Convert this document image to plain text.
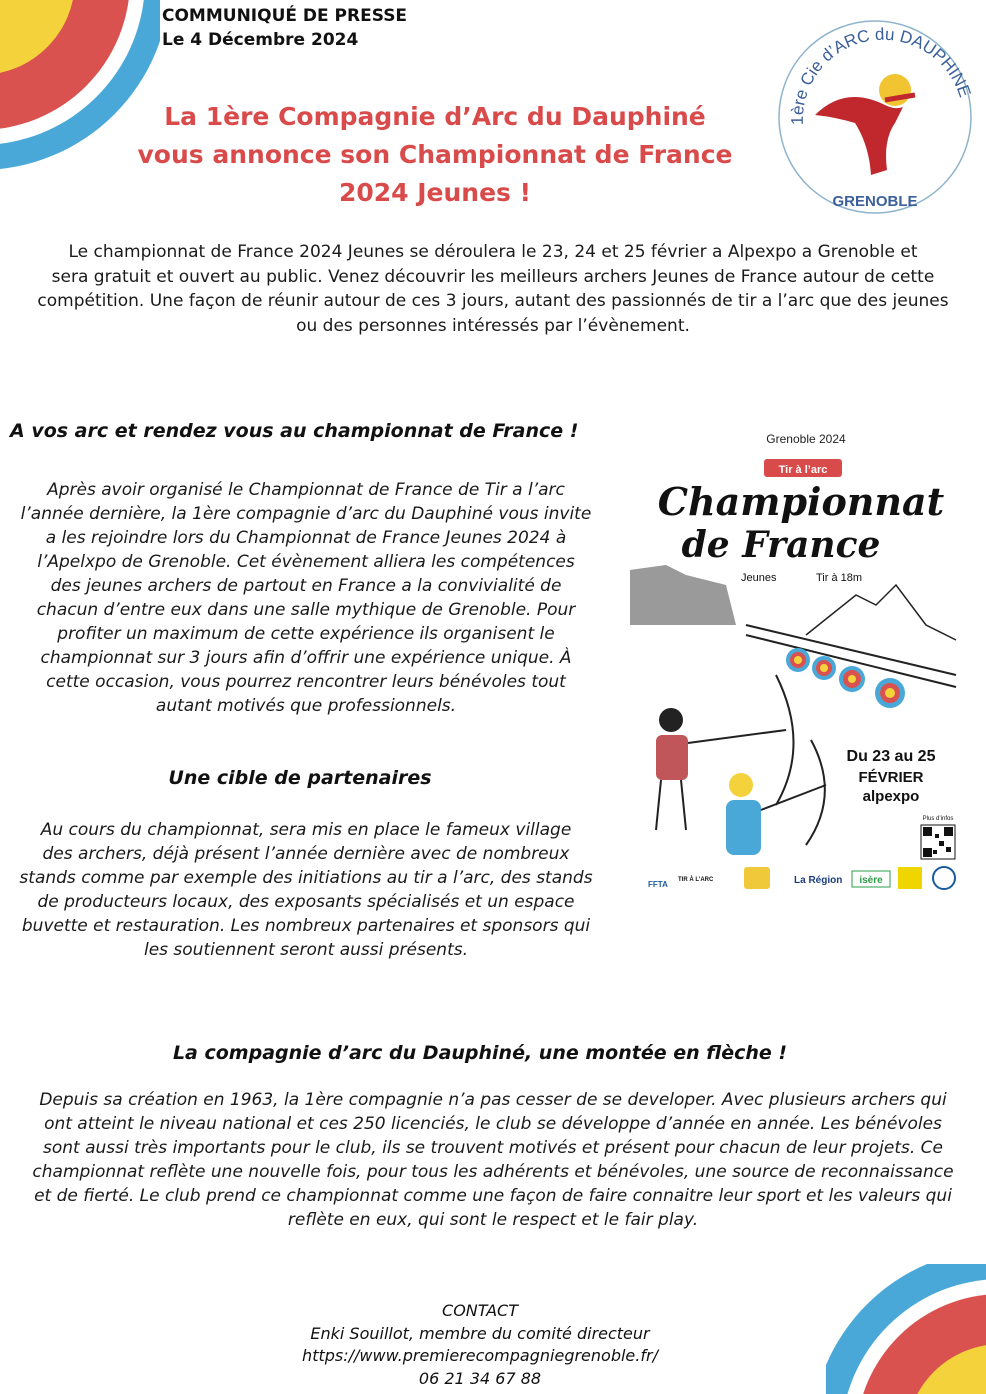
COMMUNIQUÉ DE PRESSE
Le 4 Décembre 2024
1ère Cie d’ARC du DAUPHINE
GRENOBLE
La 1ère Compagnie d’Arc du Dauphiné
vous annonce son Championnat de France
2024 Jeunes !
Le championnat de France 2024 Jeunes se déroulera le 23, 24 et 25 février a Alpexpo a Grenoble et
sera gratuit et ouvert au public. Venez découvrir les meilleurs archers Jeunes de France autour de cette
compétition. Une façon de réunir autour de ces 3 jours, autant des passionnés de tir a l’arc que des jeunes
ou des personnes intéressés par l’évènement.
A vos arc et rendez vous au championnat de France !
Après avoir organisé le Championnat de France de Tir a l’arc
l’année dernière, la 1ère compagnie d’arc du Dauphiné vous invite
a les rejoindre lors du Championnat de France Jeunes 2024 à
l’Apelxpo de Grenoble. Cet évènement alliera les compétences
des jeunes archers de partout en France a la convivialité de
chacun d’entre eux dans une salle mythique de Grenoble. Pour
profiter un maximum de cette expérience ils organisent le
championnat sur 3 jours afin d’offrir une expérience unique. À
cette occasion, vous pourrez rencontrer leurs bénévoles tout
autant motivés que professionnels.
Une cible de partenaires
Au cours du championnat, sera mis en place le fameux village
des archers, déjà présent l’année dernière avec de nombreux
stands comme par exemple des initiations au tir a l’arc, des stands
de producteurs locaux, des exposants spécialisés et un espace
buvette et restauration. Les nombreux partenaires et sponsors qui
les soutiennent seront aussi présents.
Grenoble 2024
Tir à l’arc
Championnat
de France
Jeunes	Tir à 18m
Du 23 au 25
FÉVRIER
alpexpo
Plus d’infos
FFTA TIR À L’ARC	La Région isère
La compagnie d’arc du Dauphiné, une montée en flèche !
Depuis sa création en 1963, la 1ère compagnie n’a pas cesser de se developer. Avec plusieurs archers qui
ont atteint le niveau national et ces 250 licenciés, le club se développe d’année en année. Les bénévoles
sont aussi très importants pour le club, ils se trouvent motivés et présent pour chacun de leur projets. Ce
championnat reflète une nouvelle fois, pour tous les adhérents et bénévoles, une source de reconnaissance
et de fierté. Le club prend ce championnat comme une façon de faire connaitre leur sport et les valeurs qui
reflète en eux, qui sont le respect et le fair play.
CONTACT
Enki Souillot, membre du comité directeur
https://www.premierecompagniegrenoble.fr/
06 21 34 67 88
